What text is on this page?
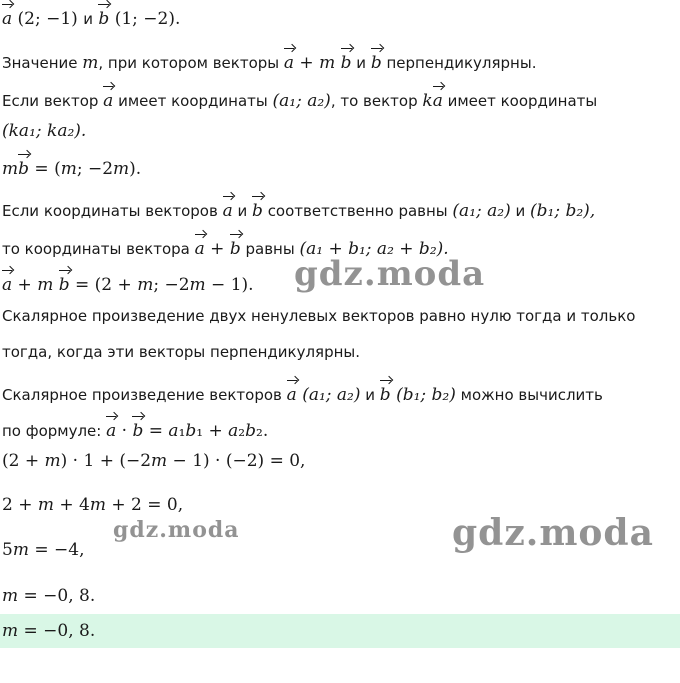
a (2; −1) и b (1; −2).
Значение m, при котором векторы a + m b и b перпендикулярны.
Если вектор a имеет координаты (a₁; a₂), то вектор ka имеет координаты
(ka₁; ka₂).
mb = (m; −2m).
Если координаты векторов a и b соответственно равны (a₁; a₂) и (b₁; b₂),
то координаты вектора a + b равны (a₁ + b₁; a₂ + b₂).
a + m b = (2 + m; −2m − 1).
Скалярное произведение двух ненулевых векторов равно нулю тогда и только
тогда, когда эти векторы перпендикулярны.
Скалярное произведение векторов a (a₁; a₂) и b (b₁; b₂) можно вычислить
по формуле: a · b = a₁b₁ + a₂b₂.
(2 + m) · 1 + (−2m − 1) · (−2) = 0,
2 + m + 4m + 2 = 0,
5m = −4,
m = −0, 8.
m = −0, 8.
gdz.moda
gdz.moda	gdz.moda
